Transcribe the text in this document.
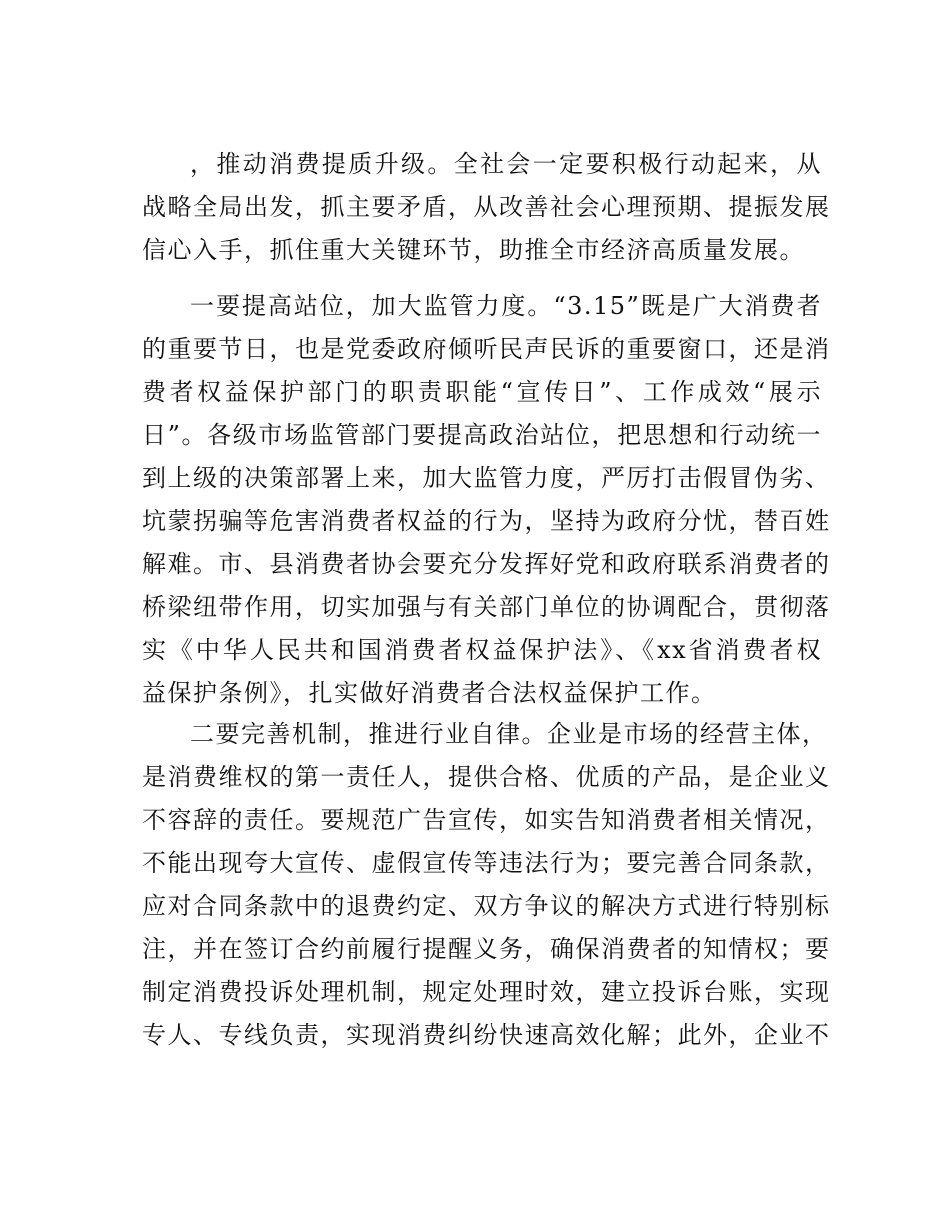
，推动消费提质升级。全社会一定要积极行动起来，从
战略全局出发，抓主要矛盾，从改善社会心理预期、提振发展
信心入手，抓住重大关键环节，助推全市经济高质量发展。
一要提高站位，加大监管力度。“3.15”既是广大消费者
的重要节日，也是党委政府倾听民声民诉的重要窗口，还是消
费者权益保护部门的职责职能“宣传日”、工作成效“展示
日”。各级市场监管部门要提高政治站位，把思想和行动统一
到上级的决策部署上来，加大监管力度，严厉打击假冒伪劣、
坑蒙拐骗等危害消费者权益的行为，坚持为政府分忧，替百姓
解难。市、县消费者协会要充分发挥好党和政府联系消费者的
桥梁纽带作用，切实加强与有关部门单位的协调配合，贯彻落
实《中华人民共和国消费者权益保护法》、《xx省消费者权
益保护条例》，扎实做好消费者合法权益保护工作。
二要完善机制，推进行业自律。企业是市场的经营主体，
是消费维权的第一责任人，提供合格、优质的产品，是企业义
不容辞的责任。要规范广告宣传，如实告知消费者相关情况，
不能出现夸大宣传、虚假宣传等违法行为；要完善合同条款，
应对合同条款中的退费约定、双方争议的解决方式进行特别标
注，并在签订合约前履行提醒义务，确保消费者的知情权；要
制定消费投诉处理机制，规定处理时效，建立投诉台账，实现
专人、专线负责，实现消费纠纷快速高效化解；此外，企业不
